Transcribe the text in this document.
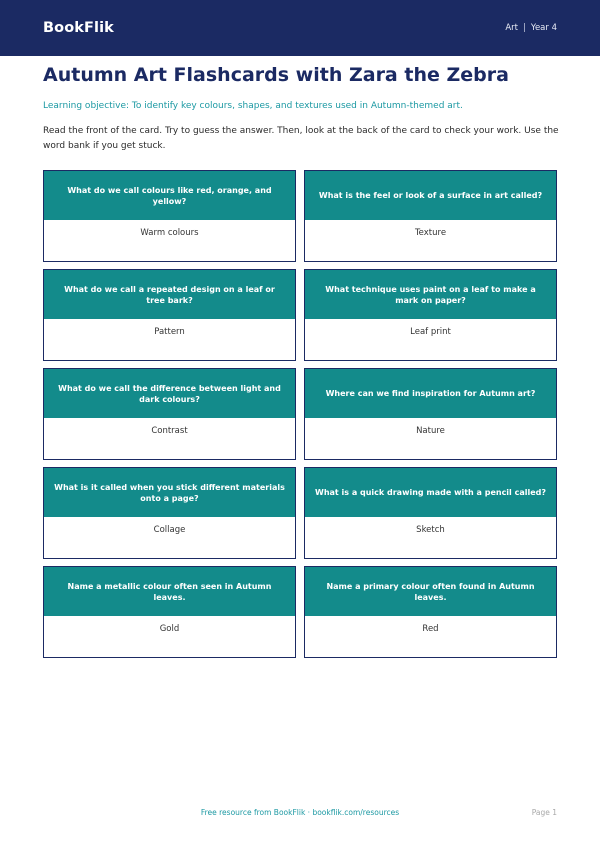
BookFlik	Art | Year 4
Autumn Art Flashcards with Zara the Zebra

Learning objective: To identify key colours, shapes, and textures used in Autumn-themed art.

Read the front of the card. Try to guess the answer. Then, look at the back of the card to check your work. Use the word bank if you get stuck.

What do we call colours like red, orange, and yellow?
Warm colours
What is the feel or look of a surface in art called?
Texture
What do we call a repeated design on a leaf or tree bark?
Pattern
What technique uses paint on a leaf to make a mark on paper?
Leaf print
What do we call the difference between light and dark colours?
Contrast
Where can we find inspiration for Autumn art?
Nature
What is it called when you stick different materials onto a page?
Collage
What is a quick drawing made with a pencil called?
Sketch
Name a metallic colour often seen in Autumn leaves.
Gold
Name a primary colour often found in Autumn leaves.
Red
Free resource from BookFlik · bookflik.com/resources	Page 1
